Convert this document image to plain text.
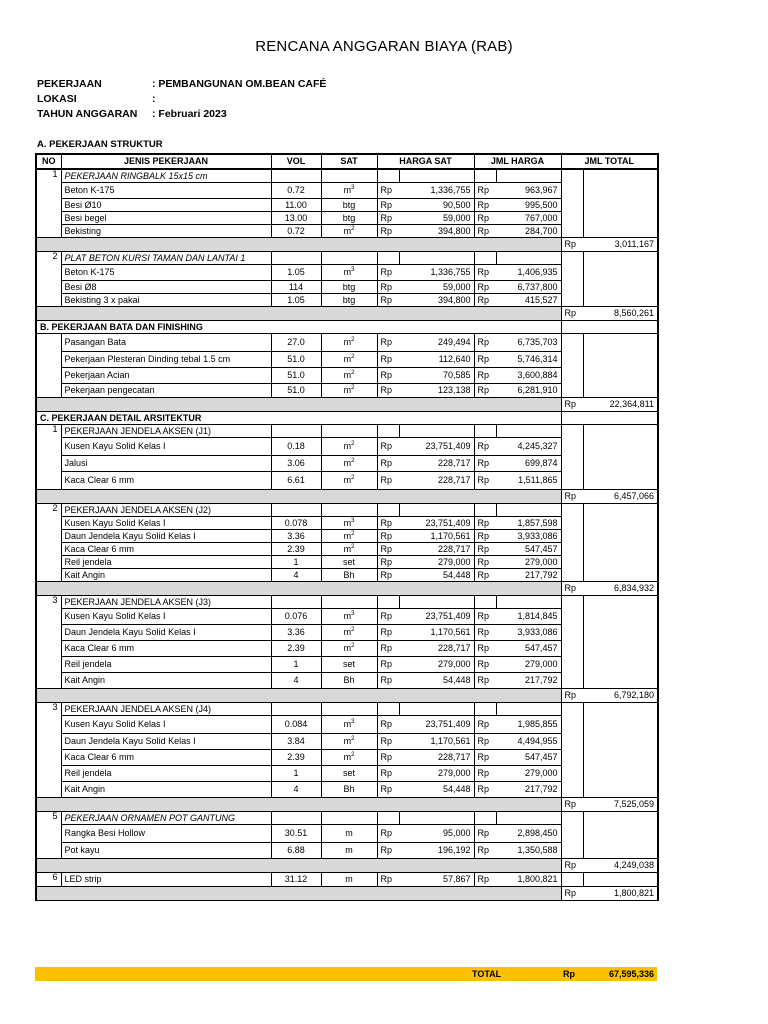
RENCANA ANGGARAN BIAYA (RAB)
PEKERJAAN	: PEMBANGUNAN OM.BEAN CAFÉ
LOKASI	:
TAHUN ANGGARAN : Februari 2023
A. PEKERJAAN STRUKTUR
NO	JENIS PEKERJAAN	VOL	SAT	HARGA SAT		JML HARGA		JML TOTAL	
1	PEKERJAAN RINGBALK 15x15 cm								
	Beton K-175	0.72	$m^3$	Rp	1,336,755	Rp	963,967		
	Besi Ø10	11.00	btg	Rp	90,500	Rp	995,500		
	Besi begel	13.00	btg	Rp	59,000	Rp	767,000		
	Bekisting	0.72	$m^2$	Rp	394,800	Rp	284,700		
								Rp	3,011,167
2	PLAT BETON KURSI TAMAN DAN LANTAI 1								
	Beton K-175	1.05	$m^3$	Rp	1,336,755	Rp	1,406,935		
	Besi Ø8	114	btg	Rp	59,000	Rp	6,737,800		
	Bekisting 3 x pakai	1.05	btg	Rp	394,800	Rp	415,527		
								Rp	8,560,261
B. PEKERJAAN BATA DAN FINISHING									
	Pasangan Bata	27.0	$m^2$	Rp	249,494	Rp	6,735,703		
	Pekerjaan Plesteran Dinding tebal 1.5 cm	51.0	$m^2$	Rp	112,640	Rp	5,746,314		
	Pekerjaan Acian	51.0	$m^2$	Rp	70,585	Rp	3,600,884		
	Pekerjaan pengecatan	51.0	$m^2$	Rp	123,138	Rp	6,281,910		
								Rp	22,364,811
C. PEKERJAAN DETAIL ARSITEKTUR									
1	PEKERJAAN JENDELA AKSEN (J1)								
	Kusen Kayu Solid Kelas I	0.18	$m^2$	Rp	23,751,409	Rp	4,245,327		
	Jalusi	3.06	$m^2$	Rp	228,717	Rp	699,874		
	Kaca Clear 6 mm	6.61	$m^2$	Rp	228,717	Rp	1,511,865		
								Rp	6,457,066
2	PEKERJAAN JENDELA AKSEN (J2)								
	Kusen Kayu Solid Kelas I	0.078	$m^3$	Rp	23,751,409	Rp	1,857,598		
	Daun Jendela Kayu Solid Kelas I	3.36	$m^2$	Rp	1,170,561	Rp	3,933,086		
	Kaca Clear 6 mm	2.39	$m^2$	Rp	228,717	Rp	547,457		
	Reil jendela	1	set	Rp	279,000	Rp	279,000		
	Kait Angin	4	Bh	Rp	54,448	Rp	217,792		
								Rp	6,834,932
3	PEKERJAAN JENDELA AKSEN (J3)								
	Kusen Kayu Solid Kelas I	0.076	$m^3$	Rp	23,751,409	Rp	1,814,845		
	Daun Jendela Kayu Solid Kelas I	3.36	$m^2$	Rp	1,170,561	Rp	3,933,086		
	Kaca Clear 6 mm	2.39	$m^2$	Rp	228,717	Rp	547,457		
	Reil jendela	1	set	Rp	279,000	Rp	279,000		
	Kait Angin	4	Bh	Rp	54,448	Rp	217,792		
								Rp	6,792,180
3	PEKERJAAN JENDELA AKSEN (J4)								
	Kusen Kayu Solid Kelas I	0.084	$m^3$	Rp	23,751,409	Rp	1,985,855		
	Daun Jendela Kayu Solid Kelas I	3.84	$m^2$	Rp	1,170,561	Rp	4,494,955		
	Kaca Clear 6 mm	2.39	$m^2$	Rp	228,717	Rp	547,457		
	Reil jendela	1	set	Rp	279,000	Rp	279,000		
	Kait Angin	4	Bh	Rp	54,448	Rp	217,792		
								Rp	7,525,059
5	PEKERJAAN ORNAMEN POT GANTUNG								
	Rangka Besi Hollow	30.51	m	Rp	95,000	Rp	2,898,450		
	Pot kayu	6.88	m	Rp	196,192	Rp	1,350,588		
								Rp	4,249,038
6	LED strip	31.12	m	Rp	57,867	Rp	1,800,821		
								Rp	1,800,821
TOTAL	Rp	67,595,336
